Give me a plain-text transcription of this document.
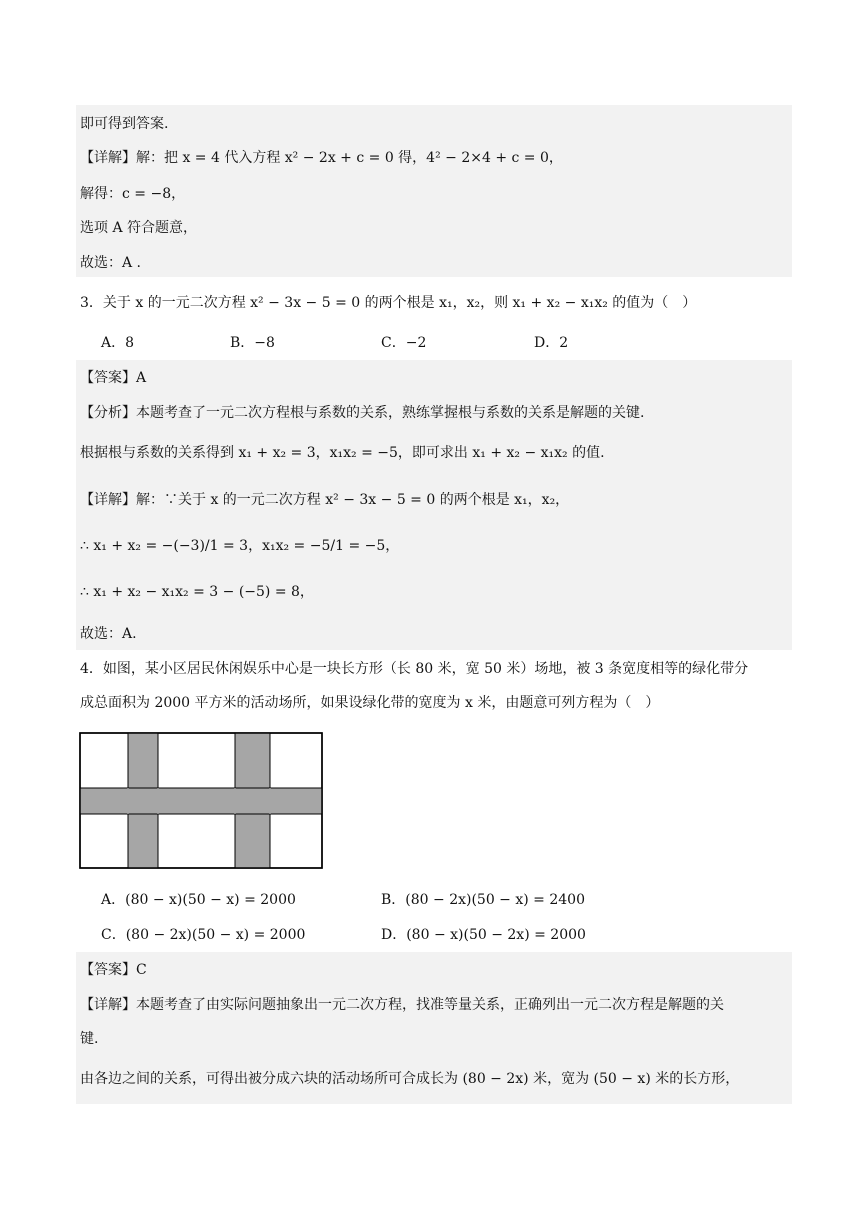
即可得到答案.
【详解】解：把 x = 4 代入方程 x² − 2x + c = 0 得，4² − 2×4 + c = 0，
解得：c = −8，
选项 A 符合题意，
故选：A .
3．关于 x 的一元二次方程 x² − 3x − 5 = 0 的两个根是 x₁，x₂，则 x₁ + x₂ − x₁x₂ 的值为（　）
A．8	B．−8	C．−2	D．2
【答案】A
【分析】本题考查了一元二次方程根与系数的关系，熟练掌握根与系数的关系是解题的关键.
根据根与系数的关系得到 x₁ + x₂ = 3，x₁x₂ = −5，即可求出 x₁ + x₂ − x₁x₂ 的值.
【详解】解：∵关于 x 的一元二次方程 x² − 3x − 5 = 0 的两个根是 x₁，x₂，
∴ x₁ + x₂ = −(−3)/1 = 3，x₁x₂ = −5/1 = −5，
∴ x₁ + x₂ − x₁x₂ = 3 − (−5) = 8，
故选：A.
4．如图，某小区居民休闲娱乐中心是一块长方形（长 80 米，宽 50 米）场地，被 3 条宽度相等的绿化带分
成总面积为 2000 平方米的活动场所，如果设绿化带的宽度为 x 米，由题意可列方程为（　）
A．(80 − x)(50 − x) = 2000	B．(80 − 2x)(50 − x) = 2400
C．(80 − 2x)(50 − x) = 2000	D．(80 − x)(50 − 2x) = 2000
【答案】C
【详解】本题考查了由实际问题抽象出一元二次方程，找准等量关系，正确列出一元二次方程是解题的关
键.
由各边之间的关系，可得出被分成六块的活动场所可合成长为 (80 − 2x) 米，宽为 (50 − x) 米的长方形，
